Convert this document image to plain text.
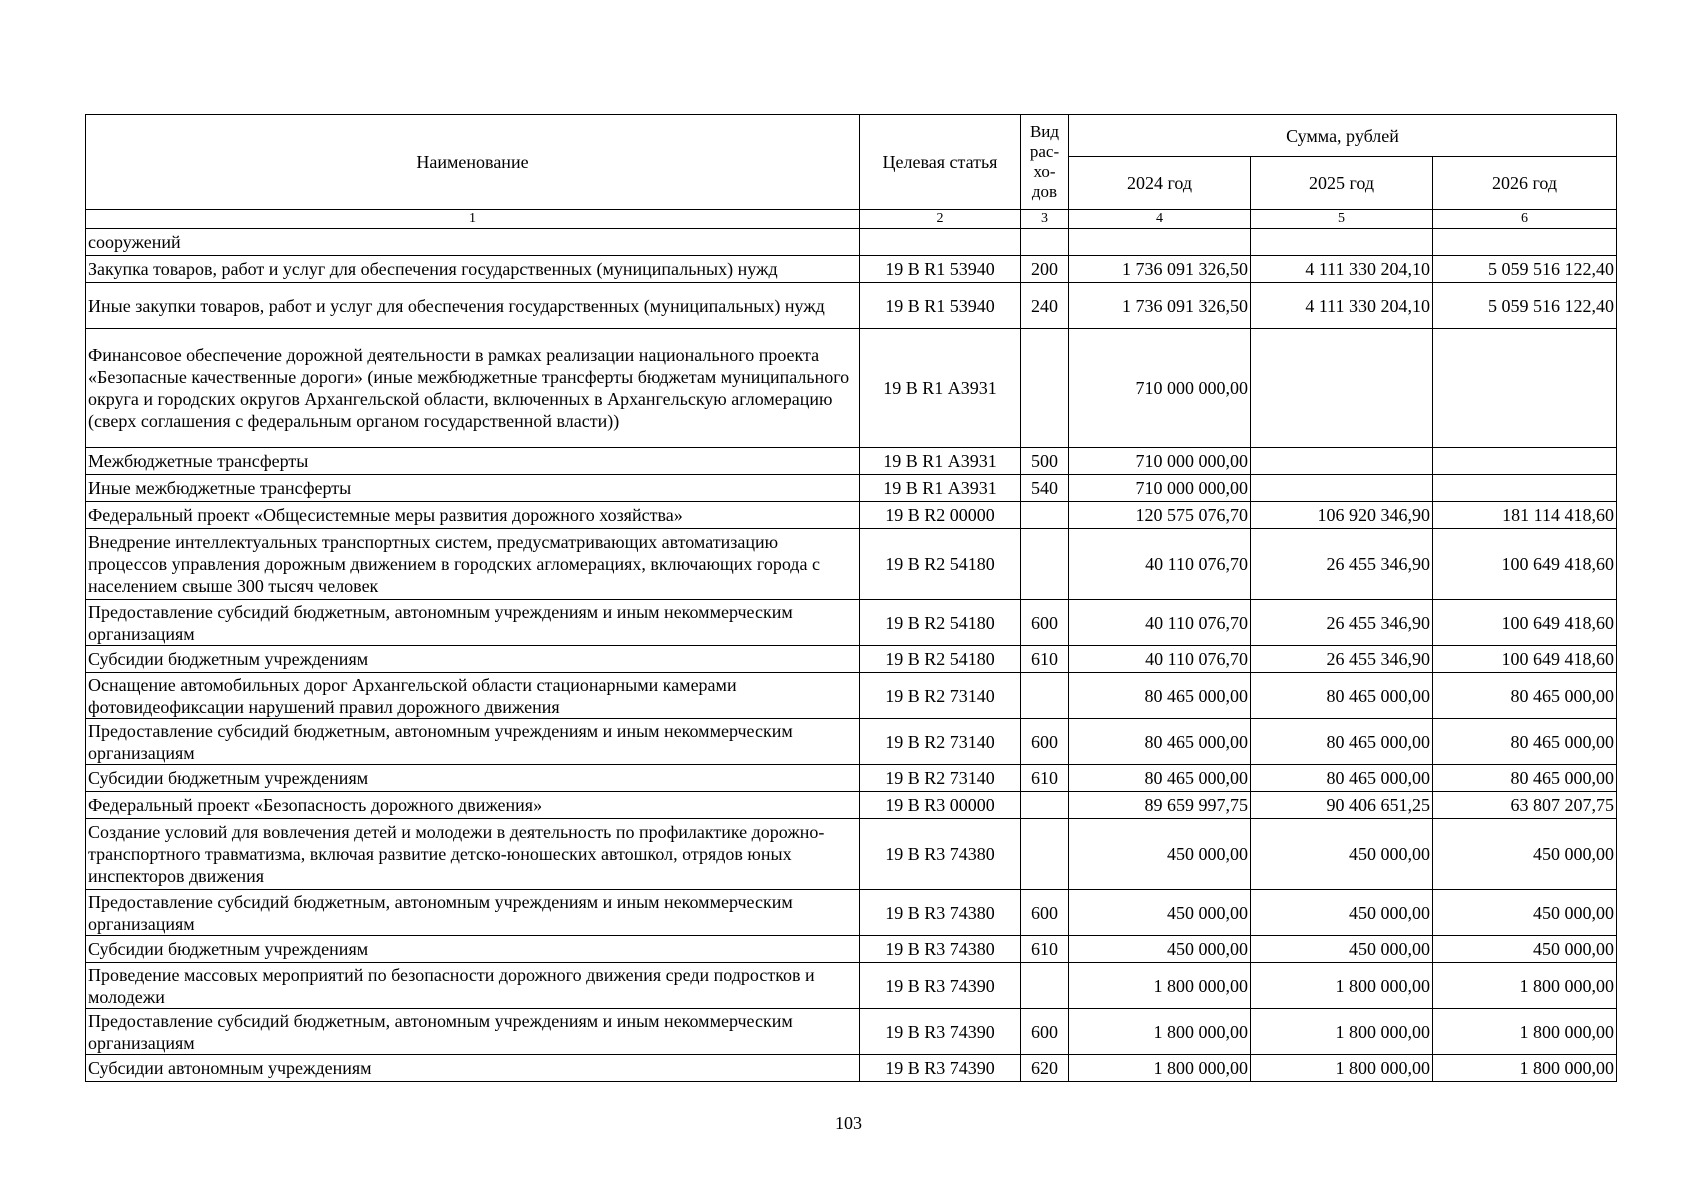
Наименование	Целевая статья	Вид рас-хо-дов	Сумма, рублей		
			2024 год	2025 год	2026 год
1	2	3	4	5	6
сооружений					
Закупка товаров, работ и услуг для обеспечения государственных (муниципальных) нужд	19 В R1 53940	200	1 736 091 326,50	4 111 330 204,10	5 059 516 122,40
Иные закупки товаров, работ и услуг для обеспечения государственных (муниципальных) нужд	19 В R1 53940	240	1 736 091 326,50	4 111 330 204,10	5 059 516 122,40
Финансовое обеспечение дорожной деятельности в рамках реализации национального проекта «Безопасные качественные дороги» (иные межбюджетные трансферты бюджетам муниципального округа и городских округов Архангельской области, включенных в Архангельскую агломерацию (сверх соглашения с федеральным органом государственной власти))	19 В R1 А3931		710 000 000,00		
Межбюджетные трансферты	19 В R1 А3931	500	710 000 000,00		
Иные межбюджетные трансферты	19 В R1 А3931	540	710 000 000,00		
Федеральный проект «Общесистемные меры развития дорожного хозяйства»	19 В R2 00000		120 575 076,70	106 920 346,90	181 114 418,60
Внедрение интеллектуальных транспортных систем, предусматривающих автоматизацию процессов управления дорожным движением в городских агломерациях, включающих города с населением свыше 300 тысяч человек	19 В R2 54180		40 110 076,70	26 455 346,90	100 649 418,60
Предоставление субсидий бюджетным, автономным учреждениям и иным некоммерческим организациям	19 В R2 54180	600	40 110 076,70	26 455 346,90	100 649 418,60
Субсидии бюджетным учреждениям	19 В R2 54180	610	40 110 076,70	26 455 346,90	100 649 418,60
Оснащение автомобильных дорог Архангельской области стационарными камерами фотовидеофиксации нарушений правил дорожного движения	19 В R2 73140		80 465 000,00	80 465 000,00	80 465 000,00
Предоставление субсидий бюджетным, автономным учреждениям и иным некоммерческим организациям	19 В R2 73140	600	80 465 000,00	80 465 000,00	80 465 000,00
Субсидии бюджетным учреждениям	19 В R2 73140	610	80 465 000,00	80 465 000,00	80 465 000,00
Федеральный проект «Безопасность дорожного движения»	19 В R3 00000		89 659 997,75	90 406 651,25	63 807 207,75
Создание условий для вовлечения детей и молодежи в деятельность по профилактике дорожно-транспортного травматизма, включая развитие детско-юношеских автошкол, отрядов юных инспекторов движения	19 В R3 74380		450 000,00	450 000,00	450 000,00
Предоставление субсидий бюджетным, автономным учреждениям и иным некоммерческим организациям	19 В R3 74380	600	450 000,00	450 000,00	450 000,00
Субсидии бюджетным учреждениям	19 В R3 74380	610	450 000,00	450 000,00	450 000,00
Проведение массовых мероприятий по безопасности дорожного движения среди подростков и молодежи	19 В R3 74390		1 800 000,00	1 800 000,00	1 800 000,00
Предоставление субсидий бюджетным, автономным учреждениям и иным некоммерческим организациям	19 В R3 74390	600	1 800 000,00	1 800 000,00	1 800 000,00
Субсидии автономным учреждениям	19 В R3 74390	620	1 800 000,00	1 800 000,00	1 800 000,00
103
